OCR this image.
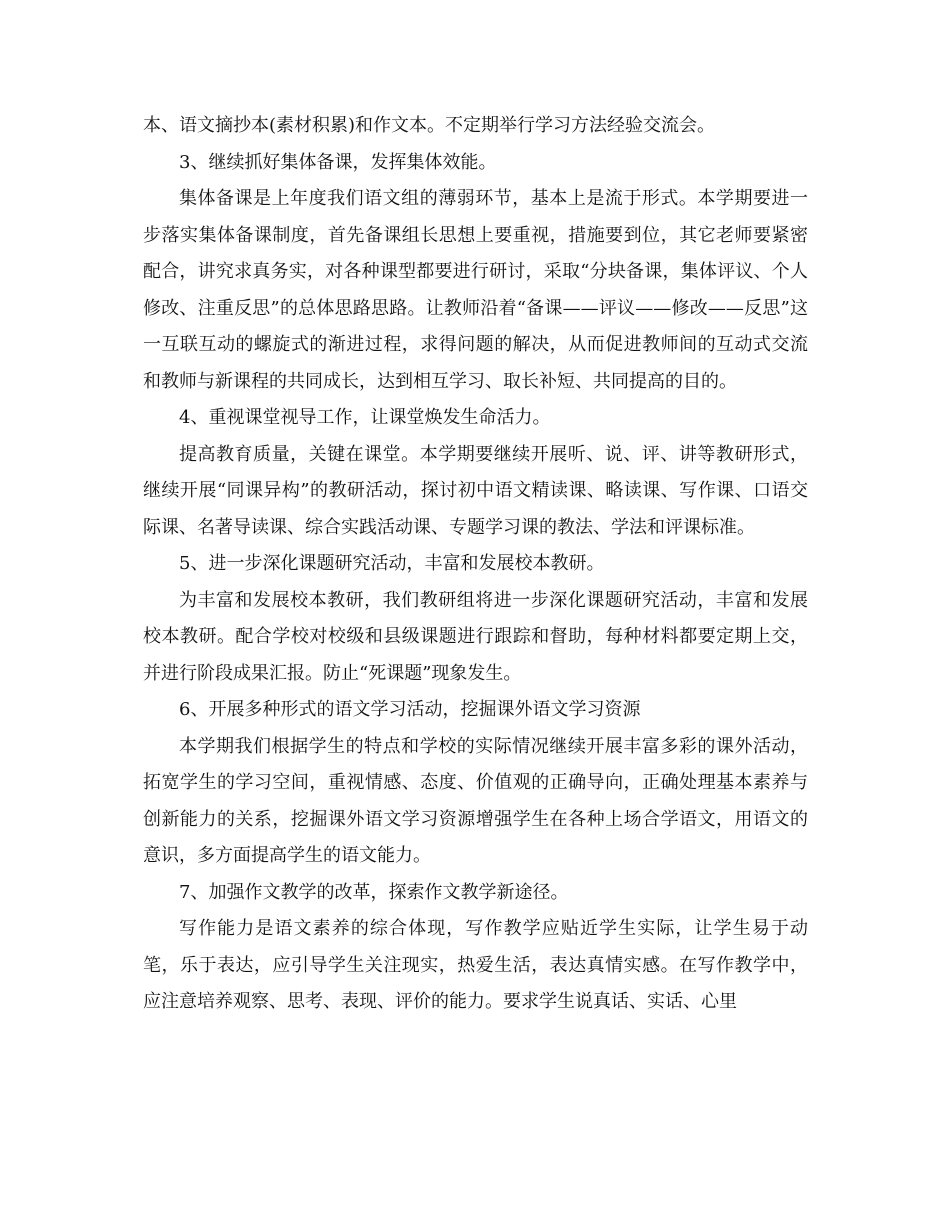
本、语文摘抄本(素材积累)和作文本。不定期举行学习方法经验交流会。

3、继续抓好集体备课，发挥集体效能。

集体备课是上年度我们语文组的薄弱环节，基本上是流于形式。本学期要进一步落实集体备课制度，首先备课组长思想上要重视，措施要到位，其它老师要紧密配合，讲究求真务实，对各种课型都要进行研讨，采取“分块备课，集体评议、个人修改、注重反思”的总体思路思路。让教师沿着“备课——评议——修改——反思”这一互联互动的螺旋式的渐进过程，求得问题的解决，从而促进教师间的互动式交流和教师与新课程的共同成长，达到相互学习、取长补短、共同提高的目的。

4、重视课堂视导工作，让课堂焕发生命活力。

提高教育质量，关键在课堂。本学期要继续开展听、说、评、讲等教研形式，继续开展“同课异构”的教研活动，探讨初中语文精读课、略读课、写作课、口语交际课、名著导读课、综合实践活动课、专题学习课的教法、学法和评课标准。

5、进一步深化课题研究活动，丰富和发展校本教研。

为丰富和发展校本教研，我们教研组将进一步深化课题研究活动，丰富和发展校本教研。配合学校对校级和县级课题进行跟踪和督助，每种材料都要定期上交，并进行阶段成果汇报。防止“死课题”现象发生。

6、开展多种形式的语文学习活动，挖掘课外语文学习资源

本学期我们根据学生的特点和学校的实际情况继续开展丰富多彩的课外活动，拓宽学生的学习空间，重视情感、态度、价值观的正确导向，正确处理基本素养与创新能力的关系，挖掘课外语文学习资源增强学生在各种上场合学语文，用语文的意识，多方面提高学生的语文能力。

7、加强作文教学的改革，探索作文教学新途径。

写作能力是语文素养的综合体现，写作教学应贴近学生实际，让学生易于动笔，乐于表达，应引导学生关注现实，热爱生活，表达真情实感。在写作教学中，应注意培养观察、思考、表现、评价的能力。要求学生说真话、实话、心里
